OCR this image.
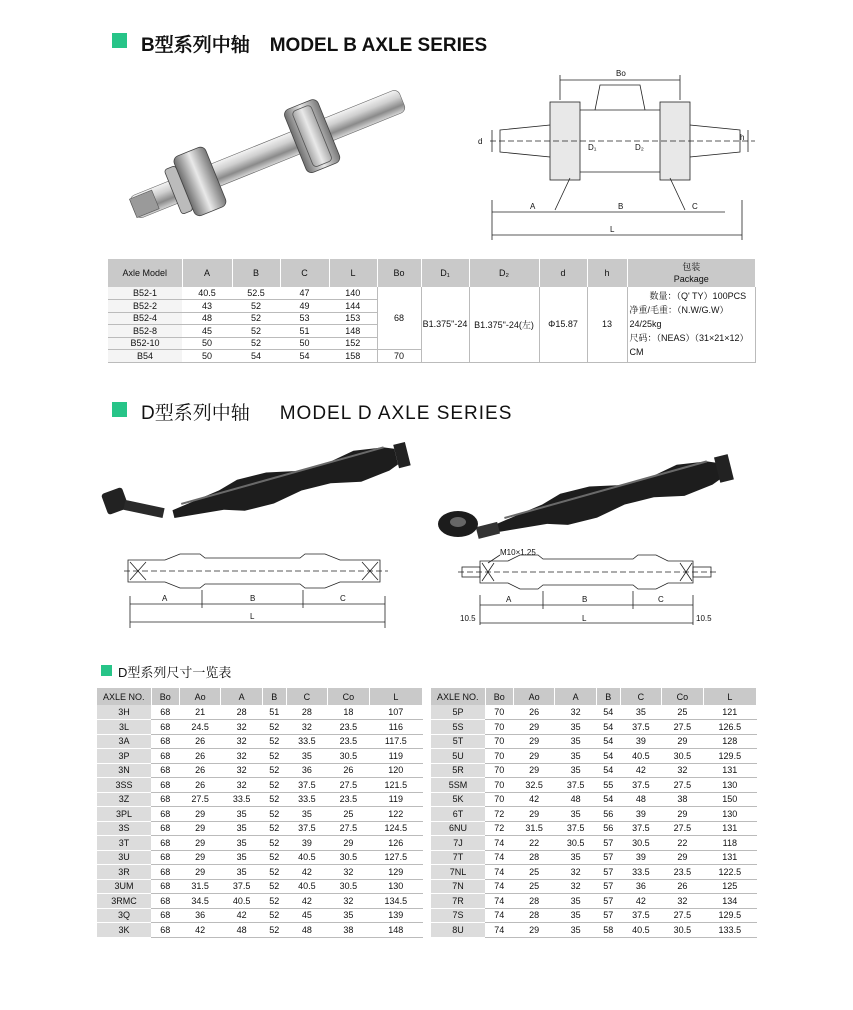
B型系列中轴 MODEL B AXLE SERIES
Bo
d	h
D₁	D₂
A	B	C
L
Axle Model	A	B	C	L	Bo	D₁	D₂	d	h	包装
Package
B52-1	40.5	52.5	47	140	68	B1.375"-24	B1.375"-24(左)	Φ15.87	13	数量：（Q' TY）100PCS
净重/毛重：（N.W/G.W）24/25kg
尺码：（NEAS）（31×21×12）CM

B52-2	43	52	49	144						
B52-4	48	52	53	153						
B52-8	45	52	51	148						
B52-10	50	52	50	152						
B54	50	54	54	158	70					
D型系列中轴 MODEL D AXLE SERIES
A	B	C
L
M10×1.25
A	B	C
L
10.5	10.5
D型系列尺寸一览表
AXLE NO.	Bo	Ao	A	B	C	Co	L
3H	68	21	28	51	28	18	107
3L	68	24.5	32	52	32	23.5	116
3A	68	26	32	52	33.5	23.5	117.5
3P	68	26	32	52	35	30.5	119
3N	68	26	32	52	36	26	120
3SS	68	26	32	52	37.5	27.5	121.5
3Z	68	27.5	33.5	52	33.5	23.5	119
3PL	68	29	35	52	35	25	122
3S	68	29	35	52	37.5	27.5	124.5
3T	68	29	35	52	39	29	126
3U	68	29	35	52	40.5	30.5	127.5
3R	68	29	35	52	42	32	129
3UM	68	31.5	37.5	52	40.5	30.5	130
3RMC	68	34.5	40.5	52	42	32	134.5
3Q	68	36	42	52	45	35	139
3K	68	42	48	52	48	38	148
AXLE NO.	Bo	Ao	A	B	C	Co	L
5P	70	26	32	54	35	25	121
5S	70	29	35	54	37.5	27.5	126.5
5T	70	29	35	54	39	29	128
5U	70	29	35	54	40.5	30.5	129.5
5R	70	29	35	54	42	32	131
5SM	70	32.5	37.5	55	37.5	27.5	130
5K	70	42	48	54	48	38	150
6T	72	29	35	56	39	29	130
6NU	72	31.5	37.5	56	37.5	27.5	131
7J	74	22	30.5	57	30.5	22	118
7T	74	28	35	57	39	29	131
7NL	74	25	32	57	33.5	23.5	122.5
7N	74	25	32	57	36	26	125
7R	74	28	35	57	42	32	134
7S	74	28	35	57	37.5	27.5	129.5
8U	74	29	35	58	40.5	30.5	133.5
